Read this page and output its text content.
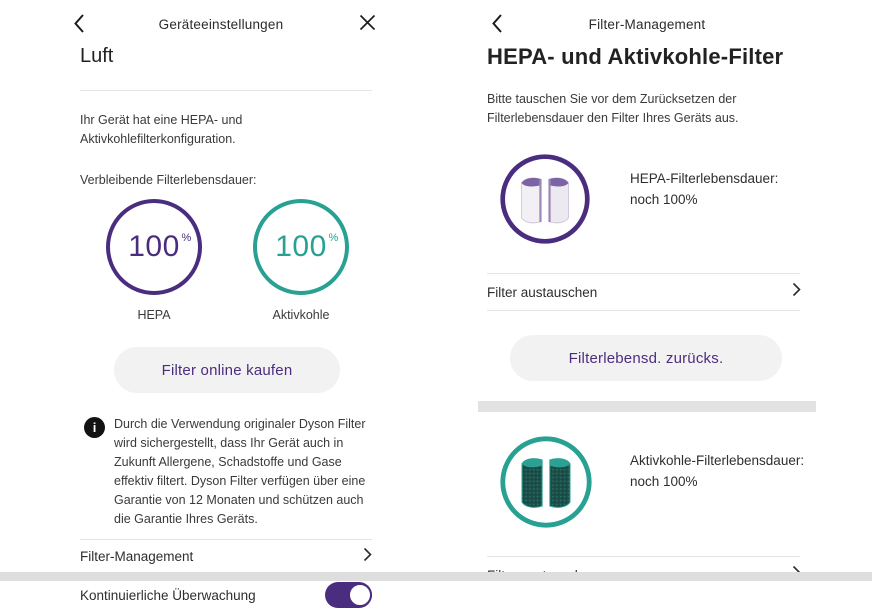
Geräteeinstellungen
Luft

Ihr Gerät hat eine HEPA- und Aktivkohlefilterkonfiguration.

Verbleibende Filterlebensdauer:

100 %
HEPA
100 %
Aktivkohle
Filter online kaufen
i	Durch die Verwendung originaler Dyson Filter wird sichergestellt, dass Ihr Gerät auch in Zukunft Allergene, Schadstoffe und Gase effektiv filtert. Dyson Filter verfügen über eine Garantie von 12 Monaten und schützen auch die Garantie Ihres Geräts.

Filter-Management
Kontinuierliche Überwachung
Filter-Management
HEPA- und Aktivkohle-Filter

Bitte tauschen Sie vor dem Zurücksetzen der Filterlebensdauer den Filter Ihres Geräts aus.

HEPA-Filterlebensdauer:
noch 100%
Filter austauschen
Filterlebensd. zurücks.
Aktivkohle-Filterlebensdauer:
noch 100%
